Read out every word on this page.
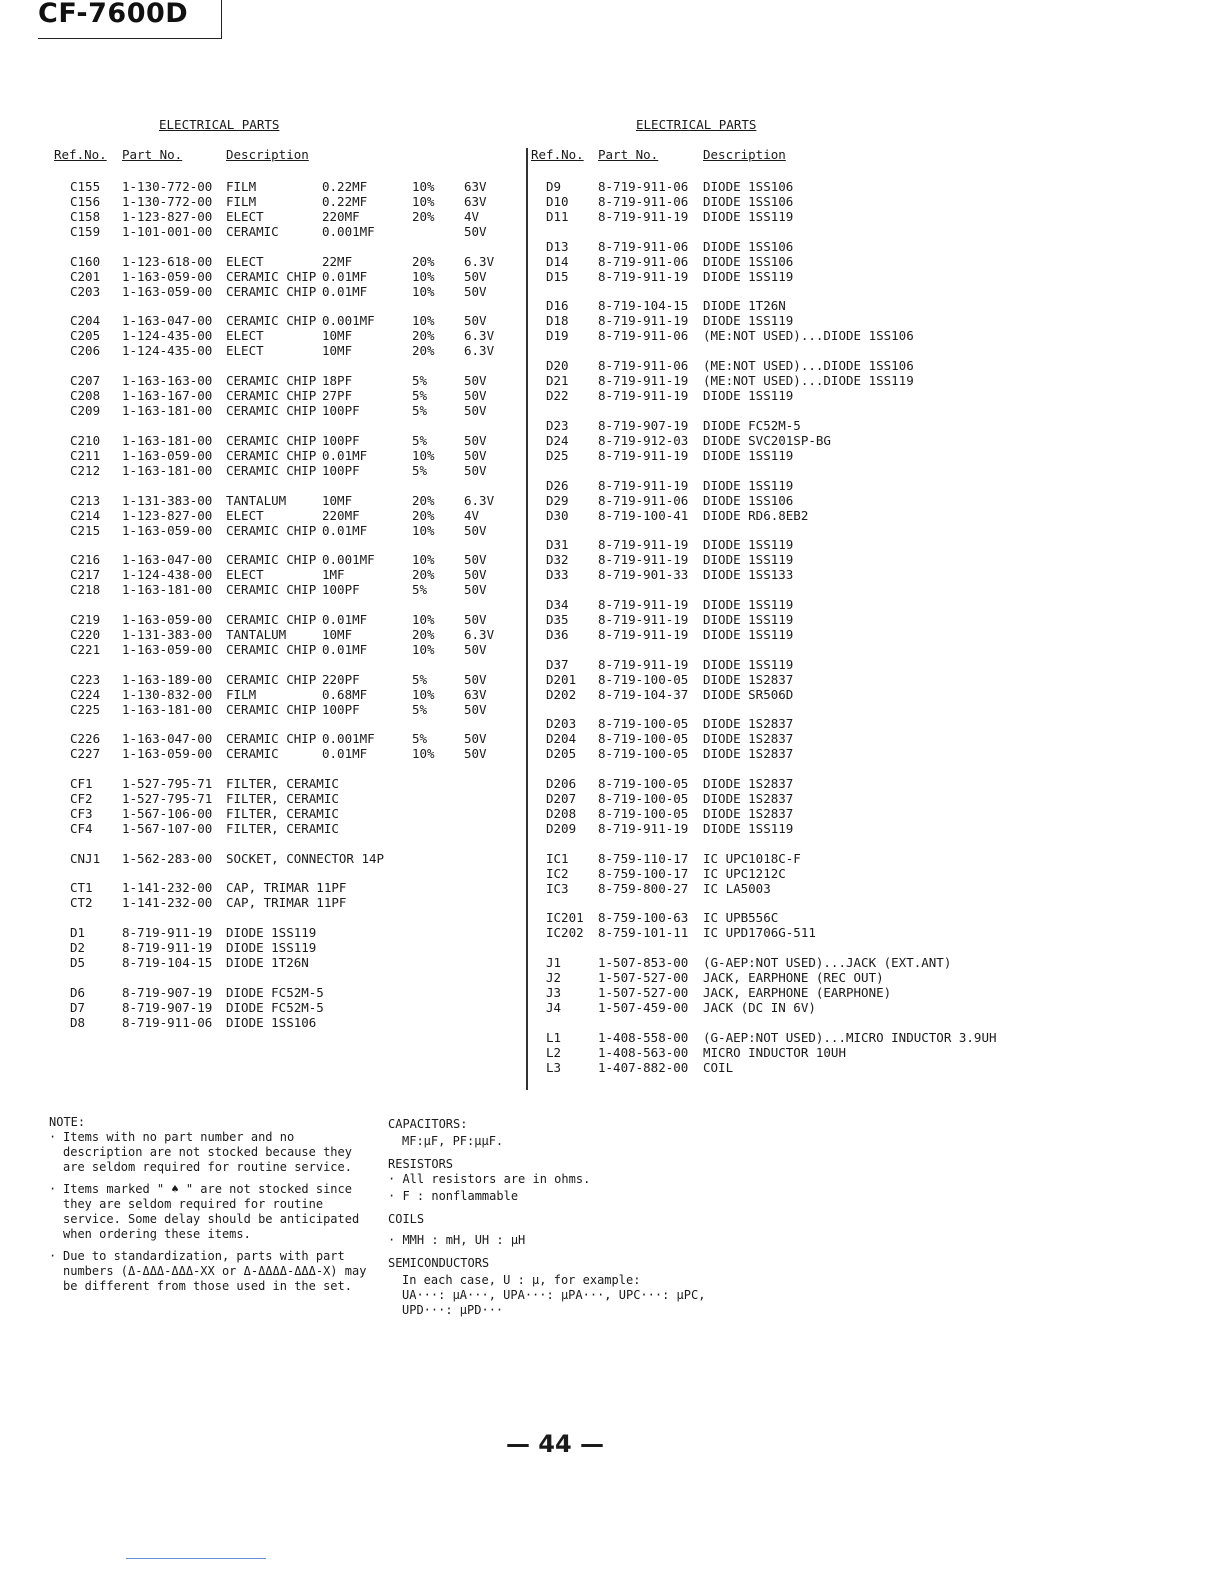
CF-7600D
ELECTRICAL PARTS	ELECTRICAL PARTS
Ref.No. Part No.	Description	Ref.No. Part No.	Description
C155 1-130-772-00 FILM	0.22MF	10% 63V
C156 1-130-772-00 FILM	0.22MF	10% 63V
C158 1-123-827-00 ELECT	220MF	20% 4V
C159 1-101-001-00 CERAMIC	0.001MF	50V
C160 1-123-618-00 ELECT	22MF	20% 6.3V
C201 1-163-059-00 CERAMIC CHIP 0.01MF	10% 50V
C203 1-163-059-00 CERAMIC CHIP 0.01MF	10% 50V
C204 1-163-047-00 CERAMIC CHIP 0.001MF	10% 50V
C205 1-124-435-00 ELECT	10MF	20% 6.3V
C206 1-124-435-00 ELECT	10MF	20% 6.3V
C207 1-163-163-00 CERAMIC CHIP 18PF	5%	50V
C208 1-163-167-00 CERAMIC CHIP 27PF	5%	50V
C209 1-163-181-00 CERAMIC CHIP 100PF	5%	50V
C210 1-163-181-00 CERAMIC CHIP 100PF	5%	50V
C211 1-163-059-00 CERAMIC CHIP 0.01MF	10% 50V
C212 1-163-181-00 CERAMIC CHIP 100PF	5%	50V
C213 1-131-383-00 TANTALUM	10MF	20% 6.3V
C214 1-123-827-00 ELECT	220MF	20% 4V
C215 1-163-059-00 CERAMIC CHIP 0.01MF	10% 50V
C216 1-163-047-00 CERAMIC CHIP 0.001MF	10% 50V
C217 1-124-438-00 ELECT	1MF	20% 50V
C218 1-163-181-00 CERAMIC CHIP 100PF	5%	50V
C219 1-163-059-00 CERAMIC CHIP 0.01MF	10% 50V
C220 1-131-383-00 TANTALUM	10MF	20% 6.3V
C221 1-163-059-00 CERAMIC CHIP 0.01MF	10% 50V
C223 1-163-189-00 CERAMIC CHIP 220PF	5%	50V
C224 1-130-832-00 FILM	0.68MF	10% 63V
C225 1-163-181-00 CERAMIC CHIP 100PF	5%	50V
C226 1-163-047-00 CERAMIC CHIP 0.001MF	5%	50V
C227 1-163-059-00 CERAMIC	0.01MF	10% 50V
CF1 1-527-795-71 FILTER, CERAMIC
CF2 1-527-795-71 FILTER, CERAMIC
CF3 1-567-106-00 FILTER, CERAMIC
CF4 1-567-107-00 FILTER, CERAMIC
CNJ1 1-562-283-00 SOCKET, CONNECTOR 14P
CT1 1-141-232-00 CAP, TRIMAR 11PF
CT2 1-141-232-00 CAP, TRIMAR 11PF
D1	8-719-911-19 DIODE 1SS119
D2	8-719-911-19 DIODE 1SS119
D5	8-719-104-15 DIODE 1T26N
D6	8-719-907-19 DIODE FC52M-5
D7	8-719-907-19 DIODE FC52M-5
D8	8-719-911-06 DIODE 1SS106
D9	8-719-911-06 DIODE 1SS106
D10 8-719-911-06 DIODE 1SS106
D11 8-719-911-19 DIODE 1SS119
D13 8-719-911-06 DIODE 1SS106
D14 8-719-911-06 DIODE 1SS106
D15 8-719-911-19 DIODE 1SS119
D16 8-719-104-15 DIODE 1T26N
D18 8-719-911-19 DIODE 1SS119
D19 8-719-911-06 (ME:NOT USED)...DIODE 1SS106
D20 8-719-911-06 (ME:NOT USED)...DIODE 1SS106
D21 8-719-911-19 (ME:NOT USED)...DIODE 1SS119
D22 8-719-911-19 DIODE 1SS119
D23 8-719-907-19 DIODE FC52M-5
D24 8-719-912-03 DIODE SVC201SP-BG
D25 8-719-911-19 DIODE 1SS119
D26 8-719-911-19 DIODE 1SS119
D29 8-719-911-06 DIODE 1SS106
D30 8-719-100-41 DIODE RD6.8EB2
D31 8-719-911-19 DIODE 1SS119
D32 8-719-911-19 DIODE 1SS119
D33 8-719-901-33 DIODE 1SS133
D34 8-719-911-19 DIODE 1SS119
D35 8-719-911-19 DIODE 1SS119
D36 8-719-911-19 DIODE 1SS119
D37 8-719-911-19 DIODE 1SS119
D201 8-719-100-05 DIODE 1S2837
D202 8-719-104-37 DIODE SR506D
D203 8-719-100-05 DIODE 1S2837
D204 8-719-100-05 DIODE 1S2837
D205 8-719-100-05 DIODE 1S2837
D206 8-719-100-05 DIODE 1S2837
D207 8-719-100-05 DIODE 1S2837
D208 8-719-100-05 DIODE 1S2837
D209 8-719-911-19 DIODE 1SS119
IC1 8-759-110-17 IC UPC1018C-F
IC2 8-759-100-17 IC UPC1212C
IC3 8-759-800-27 IC LA5003
IC201 8-759-100-63 IC UPB556C
IC202 8-759-101-11 IC UPD1706G-511
J1	1-507-853-00 (G-AEP:NOT USED)...JACK (EXT.ANT)
J2	1-507-527-00 JACK, EARPHONE (REC OUT)
J3	1-507-527-00 JACK, EARPHONE (EARPHONE)
J4	1-507-459-00 JACK (DC IN 6V)
L1	1-408-558-00 (G-AEP:NOT USED)...MICRO INDUCTOR 3.9UH
L2	1-408-563-00 MICRO INDUCTOR 10UH
L3	1-407-882-00 COIL
NOTE:
· Items with no part number and no description are not stocked because they are seldom required for routine service.
· Items marked " ♠ " are not stocked since they are seldom required for routine service. Some delay should be anticipated when ordering these items.
· Due to standardization, parts with part numbers (Δ-ΔΔΔ-ΔΔΔ-XX or Δ-ΔΔΔΔ-ΔΔΔ-X) may be different from those used in the set.
CAPACITORS:
MF:μF, PF:μμF.
RESISTORS
· All resistors are in ohms.
· F : nonflammable
COILS
· MMH : mH, UH : μH
SEMICONDUCTORS
In each case, U : μ, for example:
UA···: μA···, UPA···: μPA···, UPC···: μPC,
UPD···: μPD···
— 44 —
